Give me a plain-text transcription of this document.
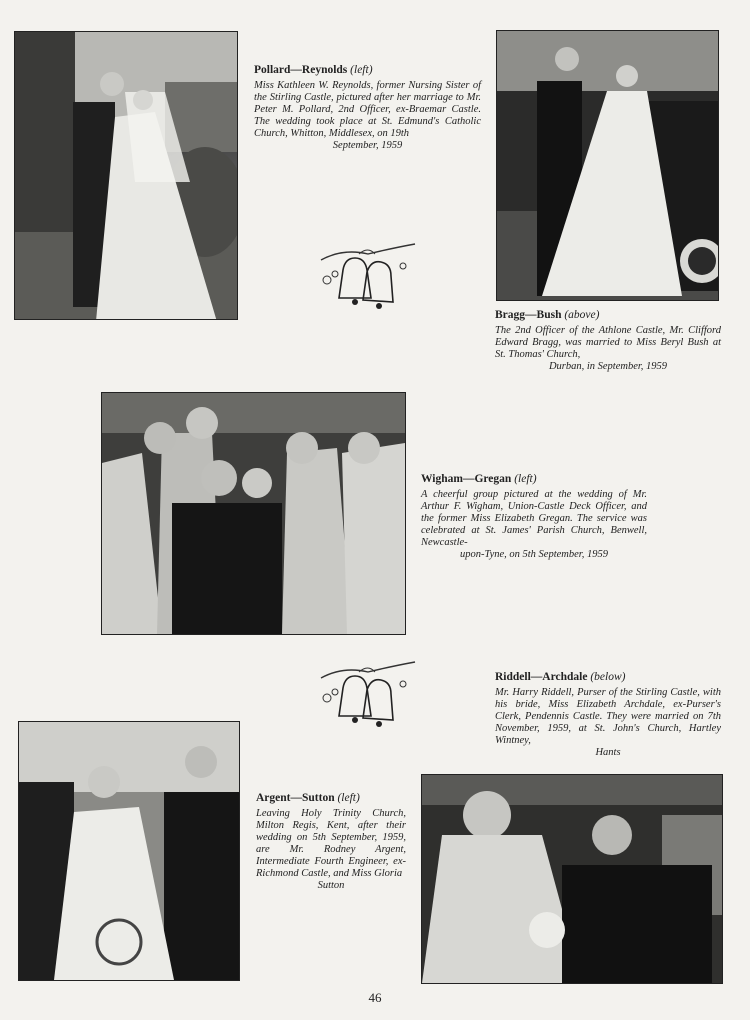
Pollard—Reynolds (left)
Miss Kathleen W. Reynolds, former Nursing Sister of the Stirling Castle, pictured after her marriage to Mr. Peter M. Pollard, 2nd Officer, ex-Braemar Castle. The wedding took place at St. Edmund's Catholic Church, Whitton, Middlesex, on 19th
September, 1959
Bragg—Bush (above)
The 2nd Officer of the Athlone Castle, Mr. Clifford Edward Bragg, was married to Miss Beryl Bush at St. Thomas' Church,
Durban, in September, 1959
Wigham—Gregan (left)
A cheerful group pictured at the wedding of Mr. Arthur F. Wigham, Union-Castle Deck Officer, and the former Miss Elizabeth Gregan. The service was celebrated at St. James' Parish Church, Benwell, Newcastle-
upon-Tyne, on 5th September, 1959
Riddell—Archdale (below)
Mr. Harry Riddell, Purser of the Stirling Castle, with his bride, Miss Elizabeth Archdale, ex-Purser's Clerk, Pendennis Castle. They were married on 7th November, 1959, at St. John's Church, Hartley Wintney,
Hants
Argent—Sutton (left)
Leaving Holy Trinity Church, Milton Regis, Kent, after their wedding on 5th September, 1959, are Mr. Rodney Argent, Intermediate Fourth Engineer, ex-Richmond Castle, and Miss Gloria
Sutton
46
